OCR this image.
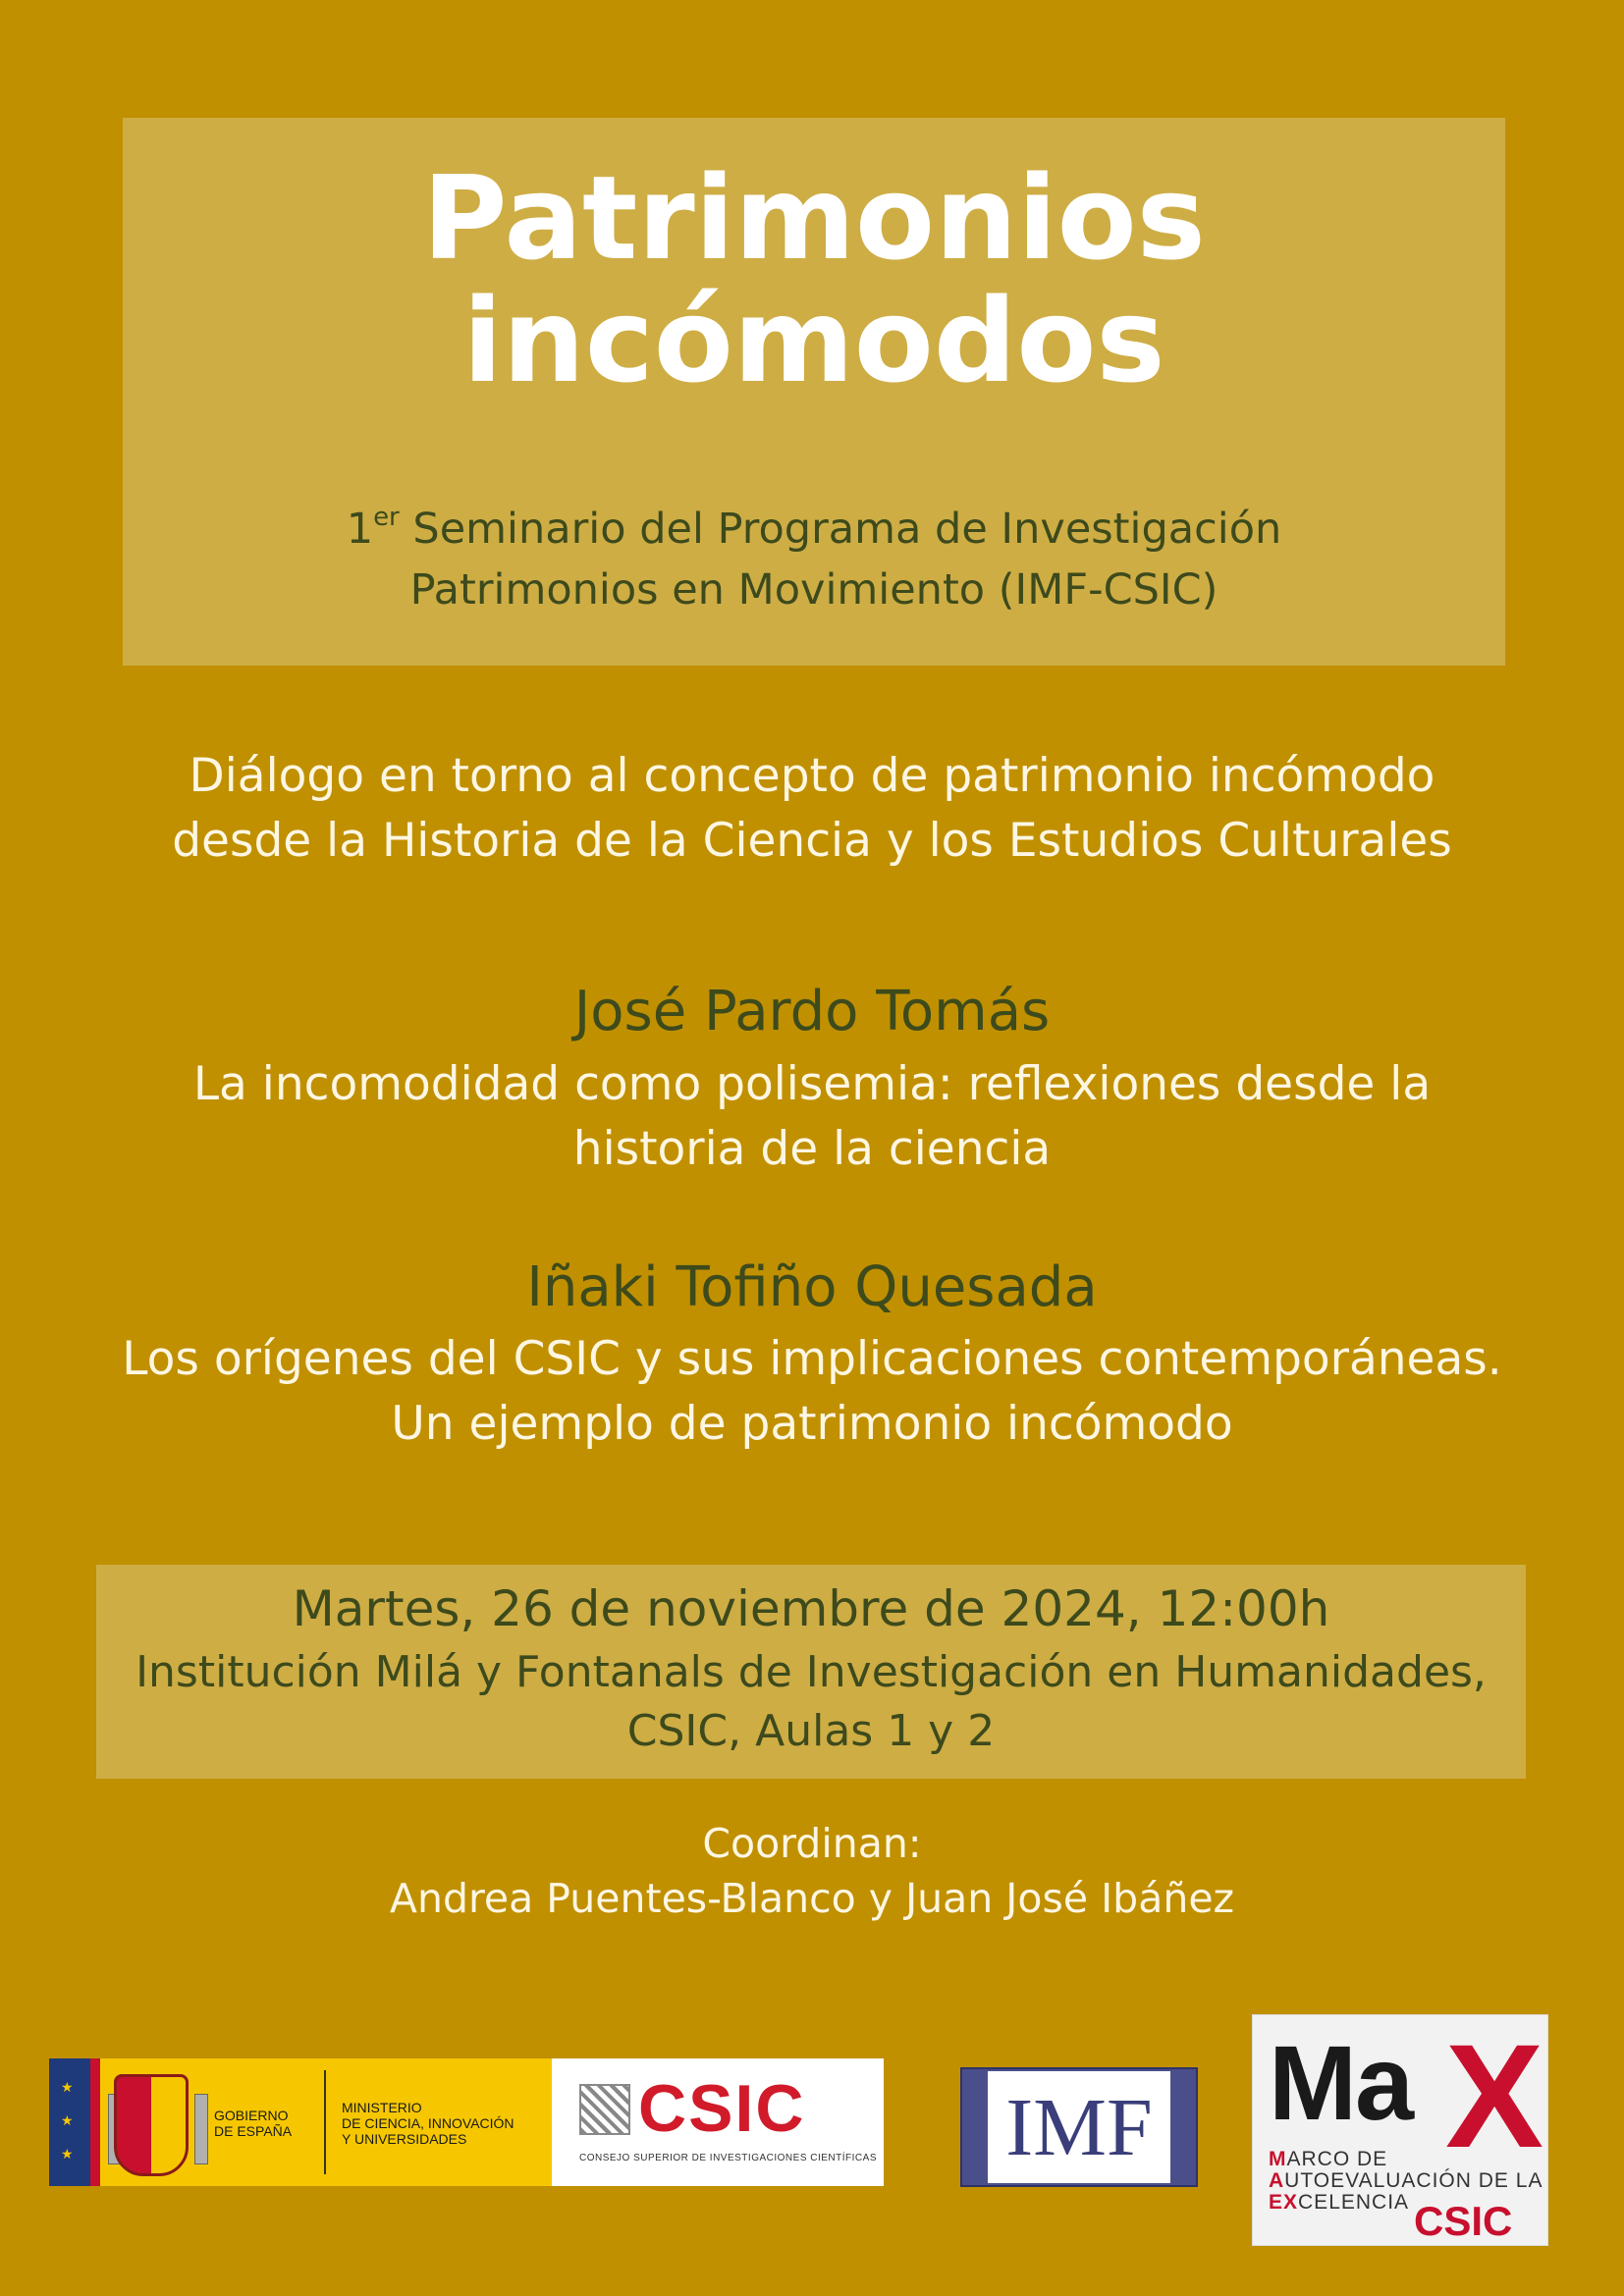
Patrimonios
incómodos
1er Seminario del Programa de Investigación
Patrimonios en Movimiento (IMF-CSIC)
Diálogo en torno al concepto de patrimonio incómodo
desde la Historia de la Ciencia y los Estudios Culturales
José Pardo Tomás
La incomodidad como polisemia: reflexiones desde la
historia de la ciencia
Iñaki Tofiño Quesada
Los orígenes del CSIC y sus implicaciones contemporáneas.
Un ejemplo de patrimonio incómodo
Martes, 26 de noviembre de 2024, 12:00h
Institución Milá y Fontanals de Investigación en Humanidades,
CSIC, Aulas 1 y 2
Coordinan:
Andrea Puentes-Blanco y Juan José Ibáñez
★
★
★
GOBIERNO
DE ESPAÑA
MINISTERIO
DE CIENCIA, INNOVACIÓN
Y UNIVERSIDADES	CSIC
CONSEJO SUPERIOR DE INVESTIGACIONES CIENTÍFICAS IMF Ma X
MARCO DE
AUTOEVALUACIÓN DE LA
EXCELENCIA CSIC
